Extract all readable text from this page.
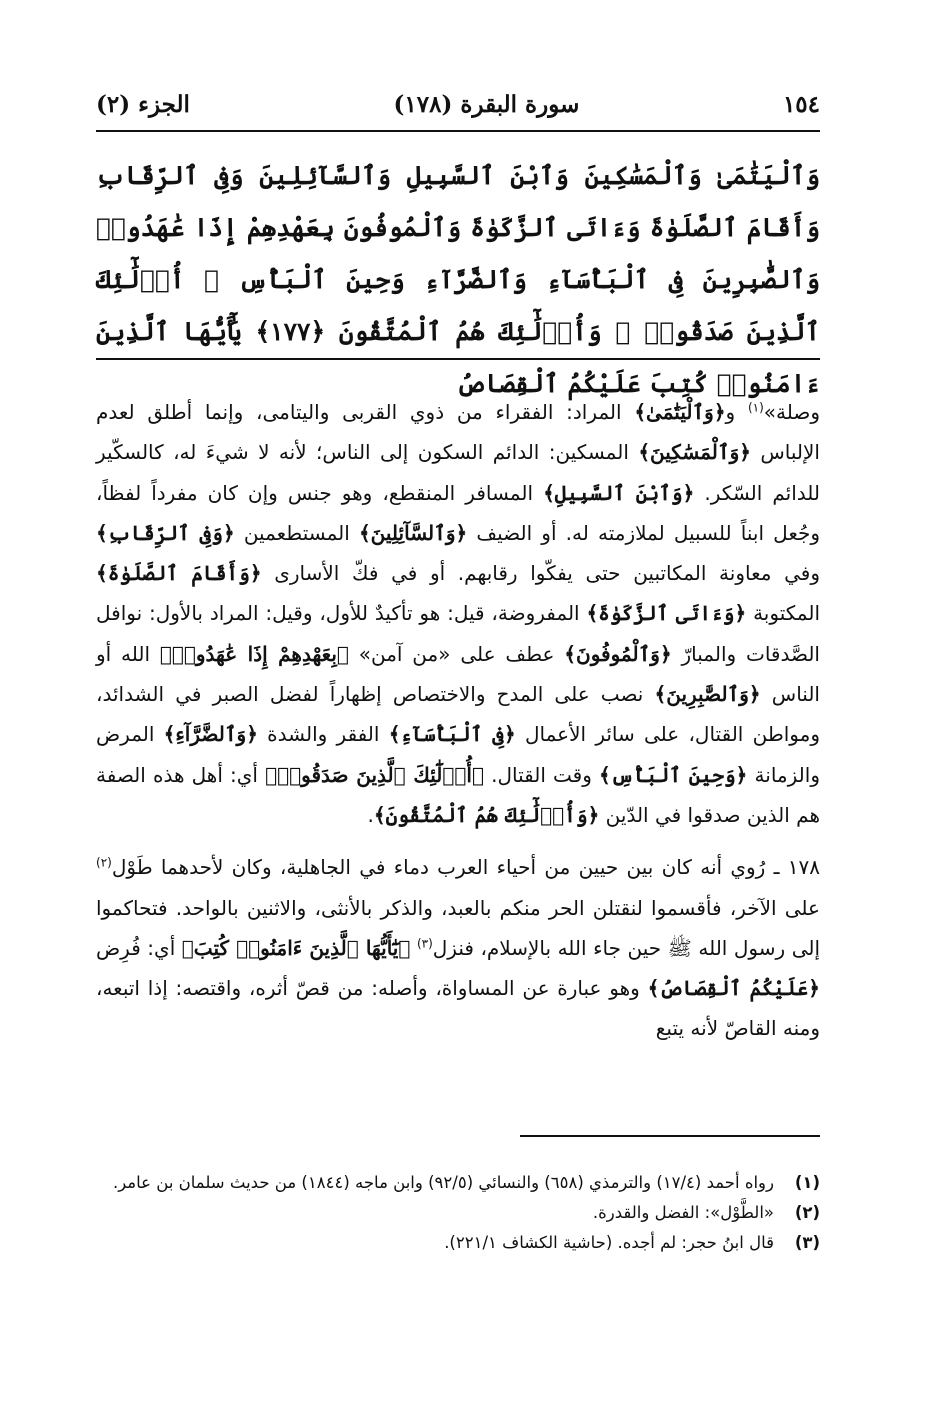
١٥٤
سورة البقرة (١٧٨)
الجزء (٢)
وَٱلْيَتَٰمَىٰ وَٱلْمَسَٰكِينَ وَٱبْنَ ٱلسَّبِيلِ وَٱلسَّآئِلِينَ وَفِى ٱلرِّقَابِ وَأَقَامَ ٱلصَّلَوٰةَ وَءَاتَى ٱلزَّكَوٰةَ وَٱلْمُوفُونَ بِعَهْدِهِمْ إِذَا عَٰهَدُوا۟ وَٱلصَّٰبِرِينَ فِى ٱلْبَأْسَآءِ وَٱلضَّرَّآءِ وَحِينَ ٱلْبَأْسِ ۗ أُو۟لَٰٓئِكَ ٱلَّذِينَ صَدَقُوا۟ ۖ وَأُو۟لَٰٓئِكَ هُمُ ٱلْمُتَّقُونَ ﴿١٧٧﴾ يَٰٓأَيُّهَا ٱلَّذِينَ ءَامَنُوا۟ كُتِبَ عَلَيْكُمُ ٱلْقِصَاصُ

وصلة»$^{(١)}$ و﴿وَٱلْيَتَٰمَىٰ﴾ المراد: الفقراء من ذوي القربى واليتامى، وإنما أطلق لعدم الإلباس ﴿وَٱلْمَسَٰكِينَ﴾ المسكين: الدائم السكون إلى الناس؛ لأنه لا شيءَ له، كالسكّير للدائم السّكر. ﴿وَٱبْنَ ٱلسَّبِيلِ﴾ المسافر المنقطع، وهو جنس وإن كان مفرداً لفظاً، وجُعل ابناً للسبيل لملازمته له. أو الضيف ﴿وَٱلسَّآئِلِينَ﴾ المستطعمين ﴿وَفِى ٱلرِّقَابِ﴾ وفي معاونة المكاتبين حتى يفكّوا رقابهم. أو في فكّ الأسارى ﴿وَأَقَامَ ٱلصَّلَوٰةَ﴾ المكتوبة ﴿وَءَاتَى ٱلزَّكَوٰةَ﴾ المفروضة، قيل: هو تأكيدٌ للأول، وقيل: المراد بالأول: نوافل الصَّدقات والمبارّ ﴿وَٱلْمُوفُونَ﴾ عطف على «من آمن» ﴿بِعَهْدِهِمْ إِذَا عَٰهَدُوا۟﴾ الله أو الناس ﴿وَٱلصَّٰبِرِينَ﴾ نصب على المدح والاختصاص إظهاراً لفضل الصبر في الشدائد، ومواطن القتال، على سائر الأعمال ﴿فِى ٱلْبَأْسَآءِ﴾ الفقر والشدة ﴿وَٱلضَّرَّآءِ﴾ المرض والزمانة ﴿وَحِينَ ٱلْبَأْسِ﴾ وقت القتال. ﴿أُو۟لَٰٓئِكَ ٱلَّذِينَ صَدَقُوا۟﴾ أي: أهل هذه الصفة هم الذين صدقوا في الدّين ﴿وَأُو۟لَٰٓئِكَ هُمُ ٱلْمُتَّقُونَ﴾.

١٧٨ ـ رُوي أنه كان بين حيين من أحياء العرب دماء في الجاهلية، وكان لأحدهما طَوْل$^{(٢)}$ على الآخر، فأقسموا لنقتلن الحر منكم بالعبد، والذكر بالأنثى، والاثنين بالواحد. فتحاكموا إلى رسول الله ﷺ حين جاء الله بالإسلام، فنزل$^{(٣)}$ ﴿يَٰٓأَيُّهَا ٱلَّذِينَ ءَامَنُوا۟ كُتِبَ﴾ أي: فُرِض ﴿عَلَيْكُمُ ٱلْقِصَاصُ﴾ وهو عبارة عن المساواة، وأصله: من قصّ أثره، واقتصه: إذا اتبعه، ومنه القاصّ لأنه يتبع

(١)
رواه أحمد (١٧/٤) والترمذي (٦٥٨) والنسائي (٩٢/٥) وابن ماجه (١٨٤٤) من حديث سلمان بن عامر.
(٢)
«الطَّوْل»: الفضل والقدرة.
(٣)
قال ابنُ حجر: لم أجده. (حاشية الكشاف ٢٢١/١).
